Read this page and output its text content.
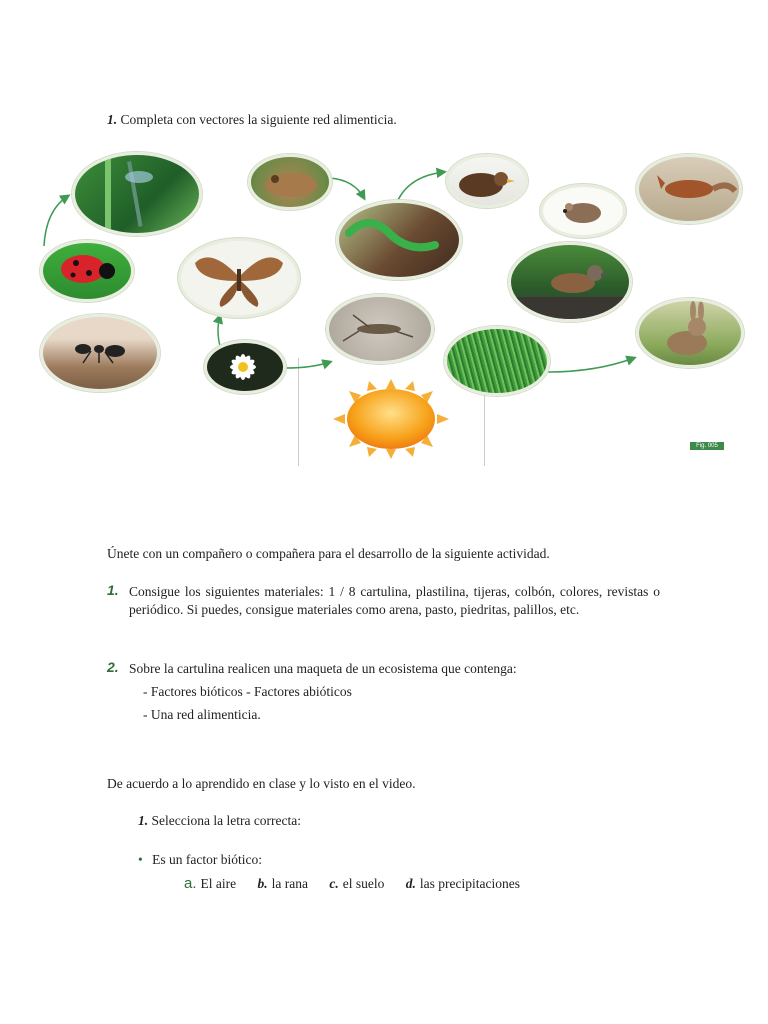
1. Completa con vectores la siguiente red alimenticia.
Fig. 005
Únete con un compañero o compañera para el desarrollo de la siguiente actividad.
1. Consigue los siguientes materiales: 1 / 8 cartulina, plastilina, tijeras, colbón, colores, revistas o periódico. Si puedes, consigue materiales como arena, pasto, piedritas, palillos, etc.
2. Sobre la cartulina realicen una maqueta de un ecosistema que contenga:
- Factores bióticos - Factores abióticos
- Una red alimenticia.
De acuerdo a lo aprendido en clase y lo visto en el video.
1. Selecciona la letra correcta:
• Es un factor biótico:
a. El aire b. la rana c. el suelo d. las precipitaciones
